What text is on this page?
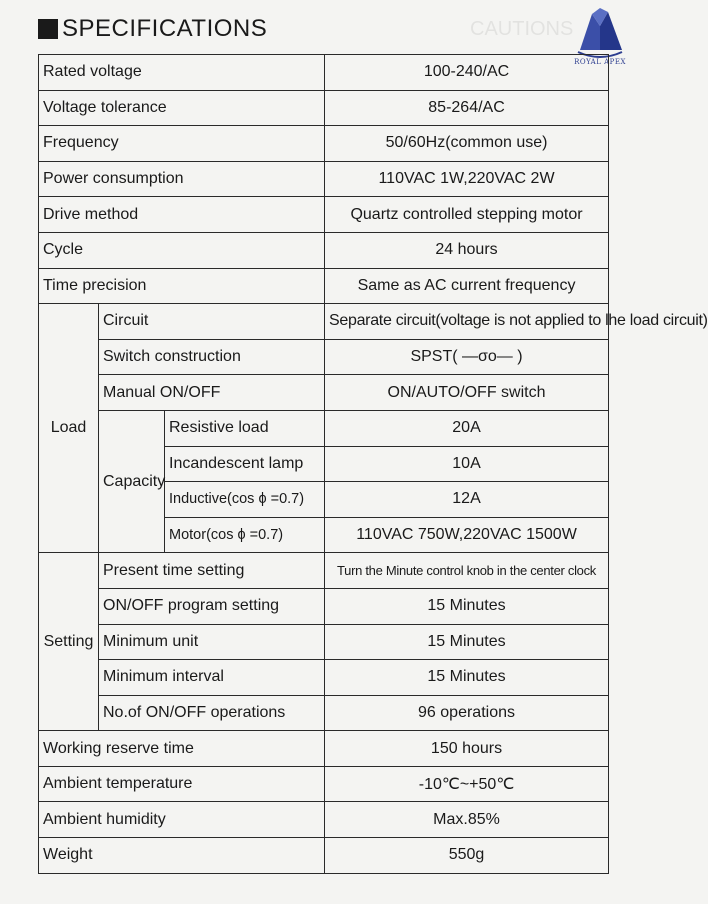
CAUTIONS
SPECIFICATIONS
ROYAL APEX
Rated voltage			100-240/AC
Voltage tolerance			85-264/AC
Frequency			50/60Hz(common use)
Power consumption			110VAC 1W,220VAC 2W
Drive method			Quartz controlled stepping motor
Cycle			24 hours
Time precision			Same as AC current frequency
Load	Circuit		Separate circuit(voltage is not applied to lhe load circuit)
	Switch construction		SPST( —σo— )
	Manual ON/OFF		ON/AUTO/OFF switch
	Capacity	Resistive load	20A
		Incandescent lamp	10A
		Inductive(cos ϕ =0.7)	12A
		Motor(cos ϕ =0.7)	110VAC 750W,220VAC 1500W
Setting	Present time setting		Turn the Minute control knob in the center clock
	ON/OFF program setting		15 Minutes
	Minimum unit		15 Minutes
	Minimum interval		15 Minutes
	No.of ON/OFF operations		96 operations
Working reserve time			150 hours
Ambient temperature			-10℃~+50℃
Ambient humidity			Max.85%
Weight			550g
